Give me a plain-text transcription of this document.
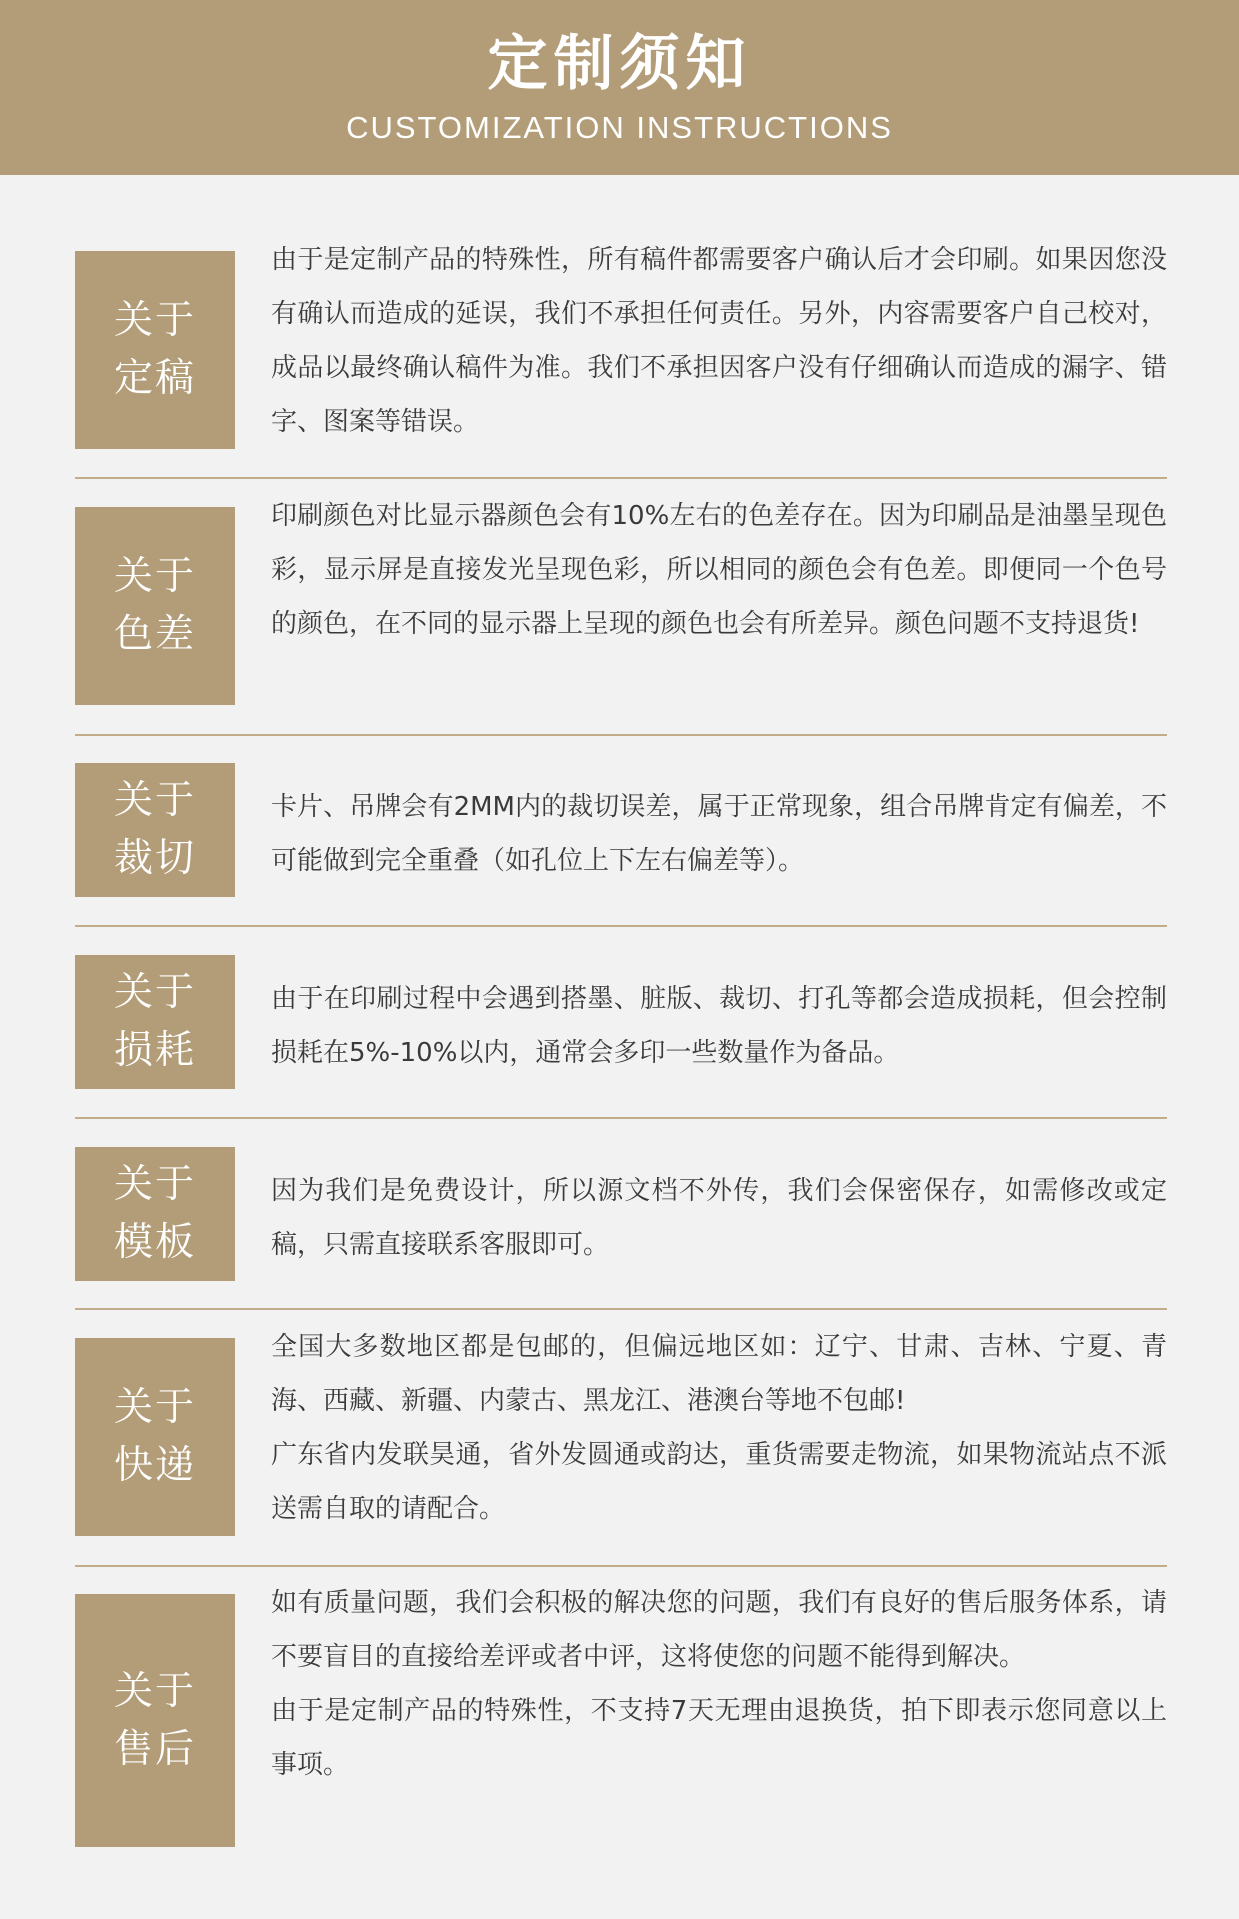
定制须知
CUSTOMIZATION INSTRUCTIONS
关于
定稿

由于是定制产品的特殊性，所有稿件都需要客户确认后才会印刷。如果因您没有确认而造成的延误，我们不承担任何责任。另外，内容需要客户自己校对，成品以最终确认稿件为准。我们不承担因客户没有仔细确认而造成的漏字、错字、图案等错误。

关于
色差

印刷颜色对比显示器颜色会有10%左右的色差存在。因为印刷品是油墨呈现色彩，显示屏是直接发光呈现色彩，所以相同的颜色会有色差。即便同一个色号的颜色，在不同的显示器上呈现的颜色也会有所差异。颜色问题不支持退货!

关于
裁切

卡片、吊牌会有2MM内的裁切误差，属于正常现象，组合吊牌肯定有偏差，不可能做到完全重叠（如孔位上下左右偏差等）。

关于
损耗

由于在印刷过程中会遇到搭墨、脏版、裁切、打孔等都会造成损耗，但会控制损耗在5%-10%以内，通常会多印一些数量作为备品。

关于
模板

因为我们是免费设计，所以源文档不外传，我们会保密保存，如需修改或定稿，只需直接联系客服即可。

关于
快递

全国大多数地区都是包邮的，但偏远地区如：辽宁、甘肃、吉林、宁夏、青海、西藏、新疆、内蒙古、黑龙江、港澳台等地不包邮!

广东省内发联昊通，省外发圆通或韵达，重货需要走物流，如果物流站点不派送需自取的请配合。

关于
售后

如有质量问题，我们会积极的解决您的问题，我们有良好的售后服务体系，请不要盲目的直接给差评或者中评，这将使您的问题不能得到解决。

由于是定制产品的特殊性，不支持7天无理由退换货，拍下即表示您同意以上事项。
